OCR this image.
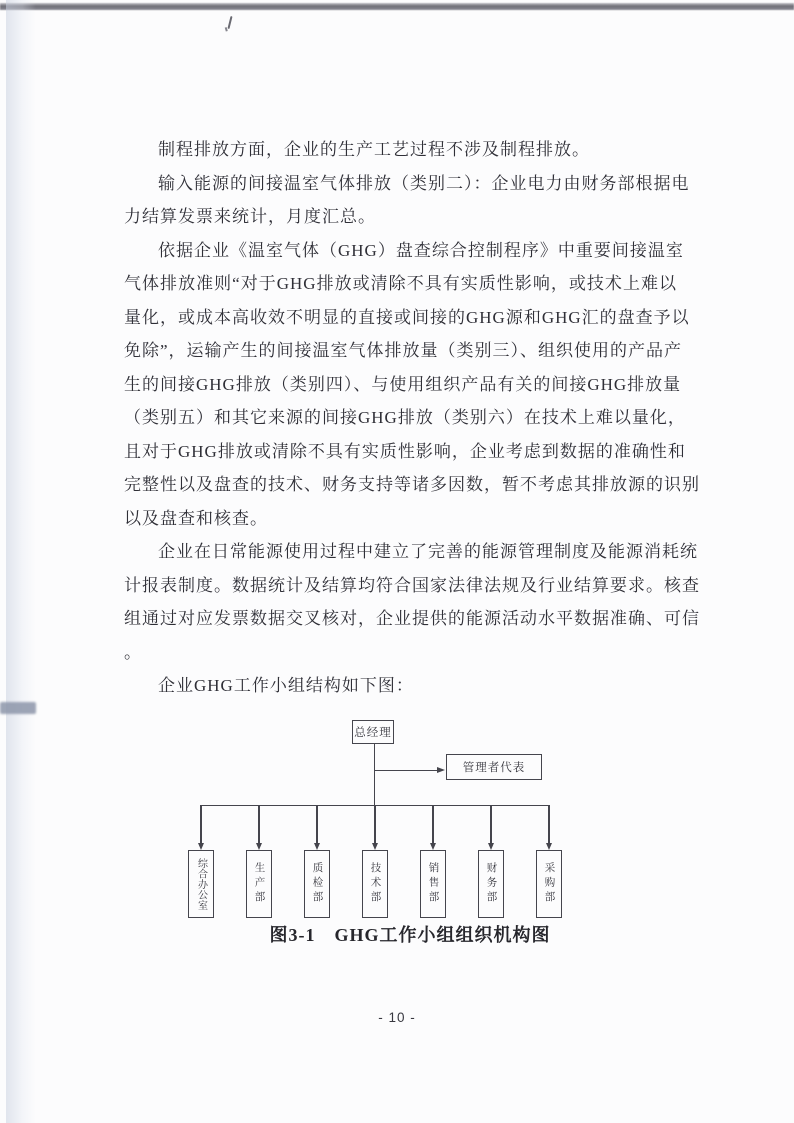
制程排放方面，企业的生产工艺过程不涉及制程排放。
输入能源的间接温室气体排放（类别二）：企业电力由财务部根据电
力结算发票来统计，月度汇总。
依据企业《温室气体（GHG）盘查综合控制程序》中重要间接温室
气体排放准则“对于GHG排放或清除不具有实质性影响，或技术上难以
量化，或成本高收效不明显的直接或间接的GHG源和GHG汇的盘查予以
免除”，运输产生的间接温室气体排放量（类别三）、组织使用的产品产
生的间接GHG排放（类别四）、与使用组织产品有关的间接GHG排放量
（类别五）和其它来源的间接GHG排放（类别六）在技术上难以量化，
且对于GHG排放或清除不具有实质性影响，企业考虑到数据的准确性和
完整性以及盘查的技术、财务支持等诸多因数，暂不考虑其排放源的识别
以及盘查和核查。
企业在日常能源使用过程中建立了完善的能源管理制度及能源消耗统
计报表制度。数据统计及结算均符合国家法律法规及行业结算要求。核查
组通过对应发票数据交叉核对，企业提供的能源活动水平数据准确、可信
。
企业GHG工作小组结构如下图：
总经理
管理者代表
综合办公室	生产部	质检部	技术部	销售部	财务部	采购部
图3-1　GHG工作小组组织机构图
- 10 -
